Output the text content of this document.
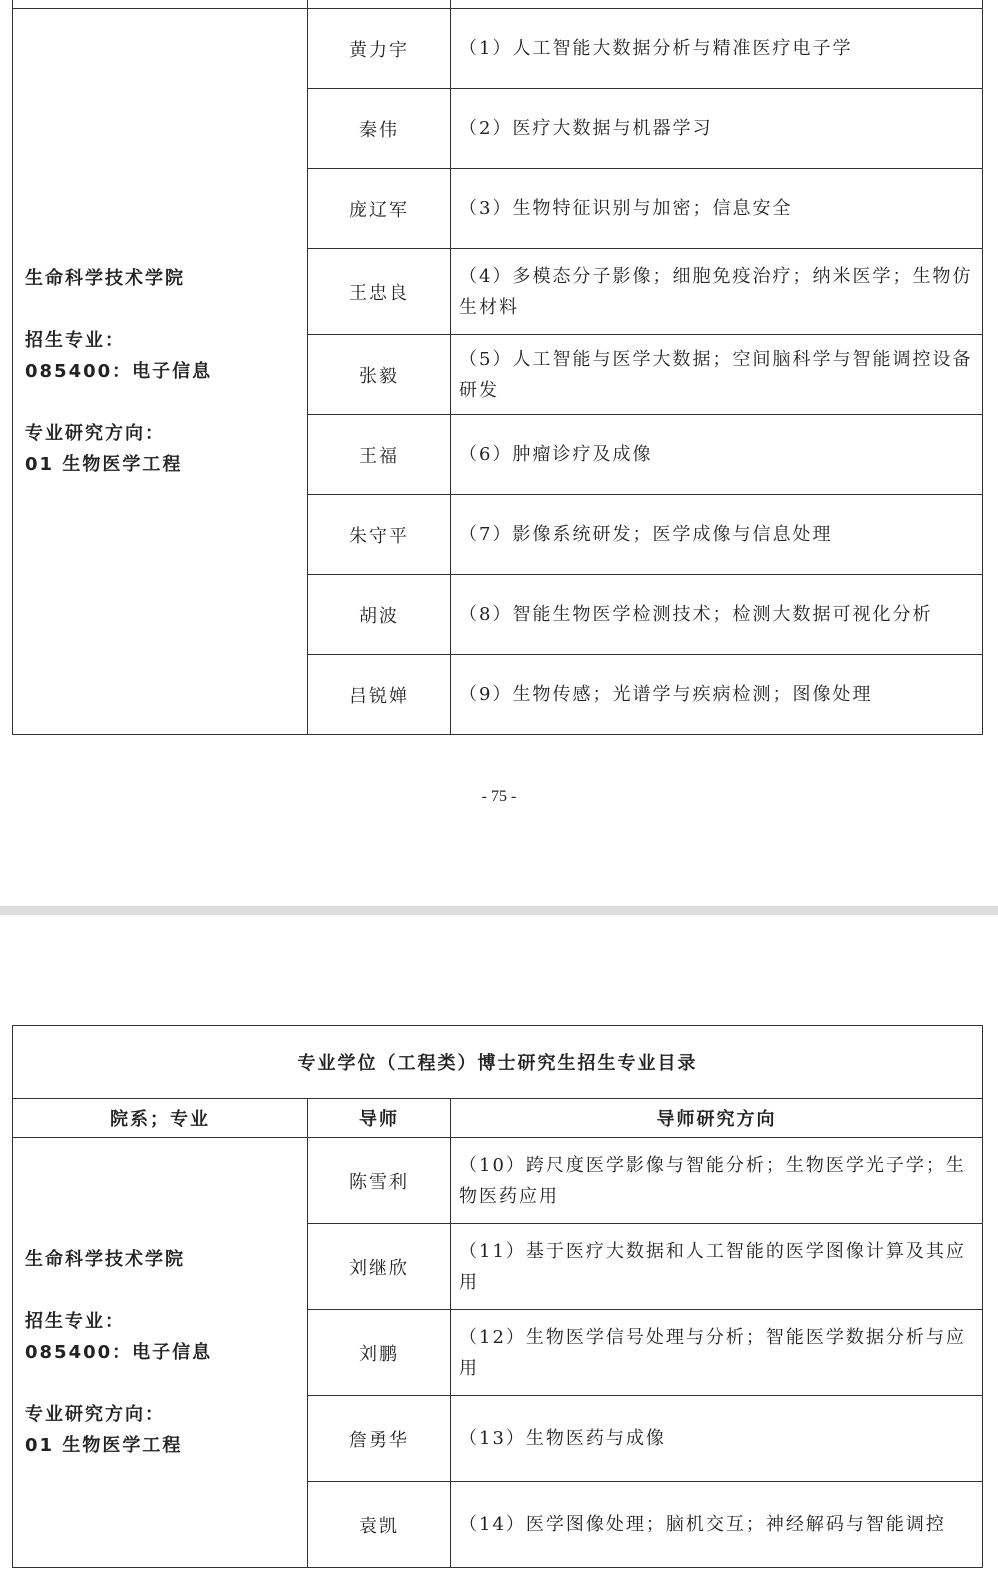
生命科学技术学院
招生专业：
085400：电子信息
专业研究方向：
01 生物医学工程	黄力宇	（1）人工智能大数据分析与精准医疗电子学
	秦伟	（2）医疗大数据与机器学习
	庞辽军	（3）生物特征识别与加密；信息安全
	王忠良	（4）多模态分子影像；细胞免疫治疗；纳米医学；生物仿生材料
	张毅	（5）人工智能与医学大数据；空间脑科学与智能调控设备研发
	王福	（6）肿瘤诊疗及成像
	朱守平	（7）影像系统研发；医学成像与信息处理
	胡波	（8）智能生物医学检测技术；检测大数据可视化分析
	吕锐婵	（9）生物传感；光谱学与疾病检测；图像处理
- 75 -
专业学位（工程类）博士研究生招生专业目录		
院系；专业	导师	导师研究方向

生命科学技术学院
招生专业：
085400：电子信息
专业研究方向：
01 生物医学工程	陈雪利	（10）跨尺度医学影像与智能分析；生物医学光子学；生物医药应用
	刘继欣	（11）基于医疗大数据和人工智能的医学图像计算及其应用
	刘鹏	（12）生物医学信号处理与分析；智能医学数据分析与应用
	詹勇华	（13）生物医药与成像
	袁凯	（14）医学图像处理；脑机交互；神经解码与智能调控
